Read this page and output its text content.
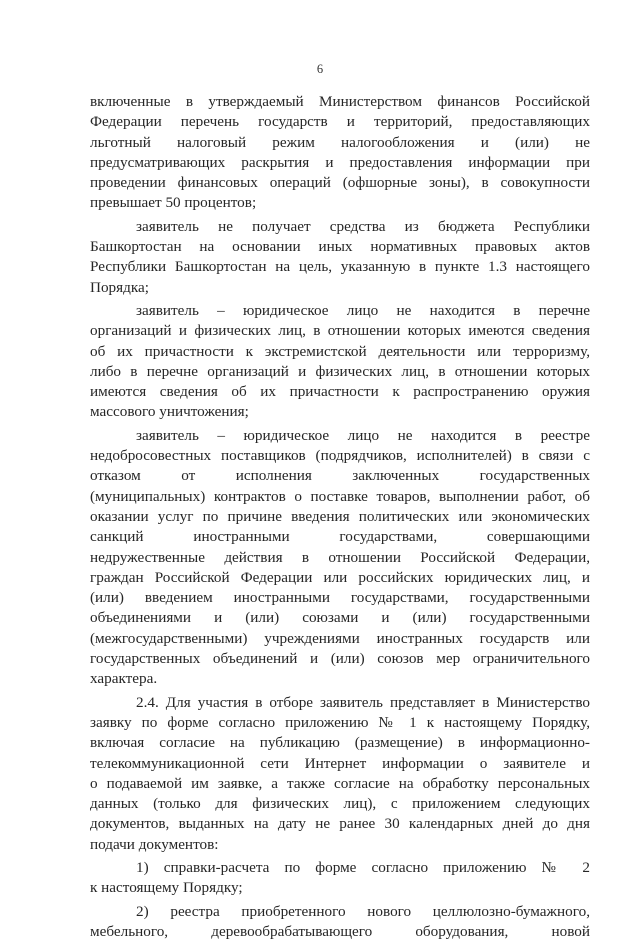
6
включенные в утверждаемый Министерством финансов Российской
Федерации перечень государств и территорий, предоставляющих
льготный налоговый режим налогообложения и (или) не
предусматривающих раскрытия и предоставления информации при
проведении финансовых операций (офшорные зоны), в совокупности
превышает 50 процентов;
заявитель не получает средства из бюджета Республики
Башкортостан на основании иных нормативных правовых актов
Республики Башкортостан на цель, указанную в пункте 1.3 настоящего
Порядка;
заявитель – юридическое лицо не находится в перечне
организаций и физических лиц, в отношении которых имеются сведения
об их причастности к экстремистской деятельности или терроризму,
либо в перечне организаций и физических лиц, в отношении которых
имеются сведения об их причастности к распространению оружия
массового уничтожения;
заявитель – юридическое лицо не находится в реестре
недобросовестных поставщиков (подрядчиков, исполнителей) в связи с
отказом от исполнения заключенных государственных
(муниципальных) контрактов о поставке товаров, выполнении работ, об
оказании услуг по причине введения политических или экономических
санкций иностранными государствами, совершающими
недружественные действия в отношении Российской Федерации,
граждан Российской Федерации или российских юридических лиц, и
(или) введением иностранными государствами, государственными
объединениями и (или) союзами и (или) государственными
(межгосударственными) учреждениями иностранных государств или
государственных объединений и (или) союзов мер ограничительного
характера.
2.4. Для участия в отборе заявитель представляет в Министерство
заявку по форме согласно приложению № 1 к настоящему Порядку,
включая согласие на публикацию (размещение) в информационно-
телекоммуникационной сети Интернет информации о заявителе и
о подаваемой им заявке, а также согласие на обработку персональных
данных (только для физических лиц), с приложением следующих
документов, выданных на дату не ранее 30 календарных дней до дня
подачи документов:
1) справки-расчета по форме согласно приложению № 2
к настоящему Порядку;
2) реестра приобретенного нового целлюлозно-бумажного,
мебельного, деревообрабатывающего оборудования, новой
